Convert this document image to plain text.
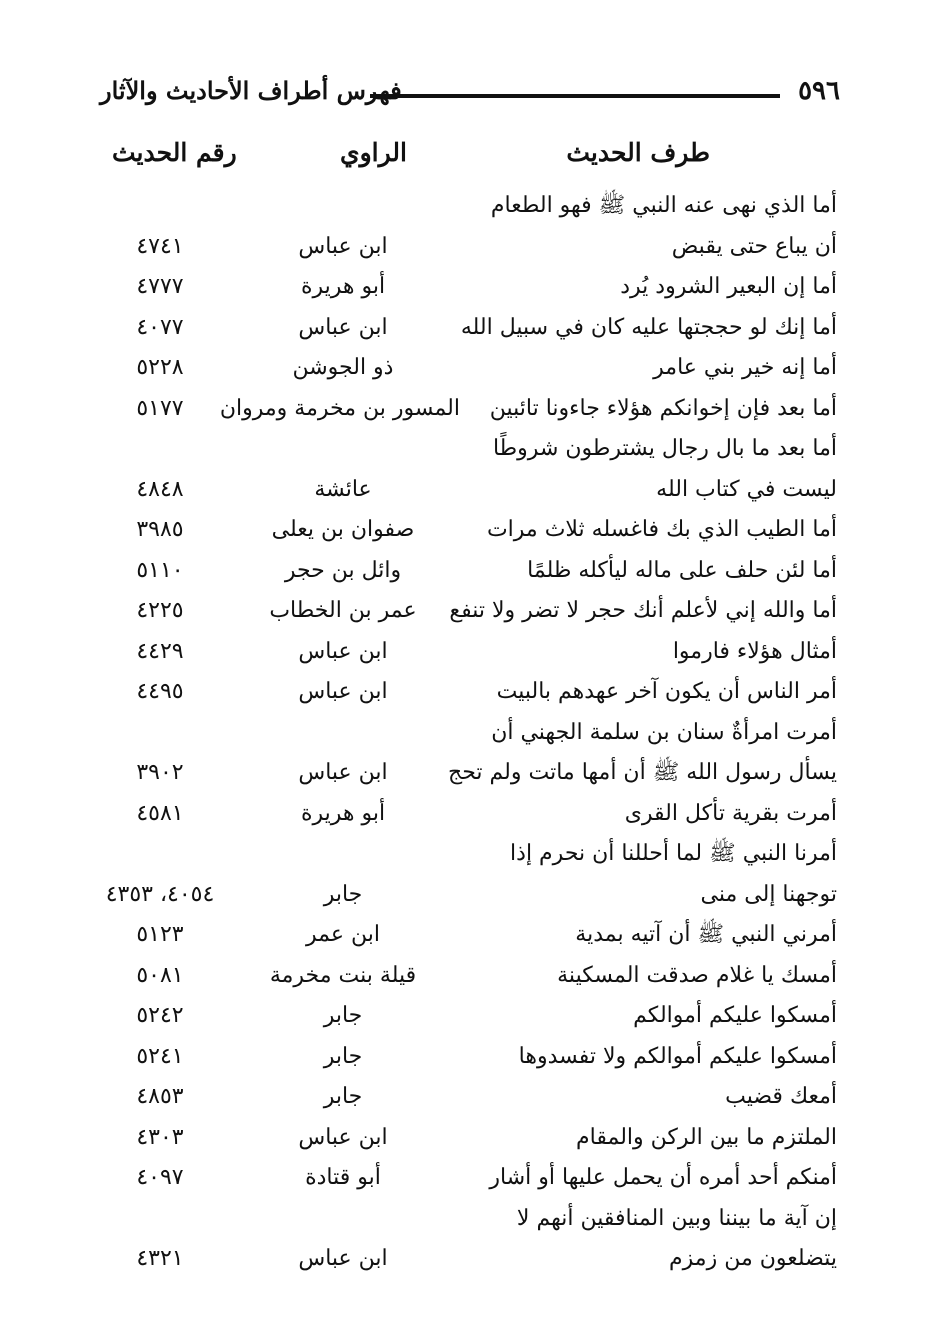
٥٩٦
فهرس أطراف الأحاديث والآثار
طرف الحديث
الراوي
رقم الحديث
أما الذي نهى عنه النبي ﷺ فهو الطعام
أن يباع حتى يقبض
ابن عباس
٤٧٤١
أما إن البعير الشرود يُرد
أبو هريرة
٤٧٧٧
أما إنك لو حججتها عليه كان في سبيل الله
ابن عباس
٤٠٧٧
أما إنه خير بني عامر
ذو الجوشن
٥٢٢٨
أما بعد فإن إخوانكم هؤلاء جاءونا تائبين
المسور بن مخرمة ومروان
٥١٧٧
أما بعد ما بال رجال يشترطون شروطًا
ليست في كتاب الله
عائشة
٤٨٤٨
أما الطيب الذي بك فاغسله ثلاث مرات
صفوان بن يعلى
٣٩٨٥
أما لئن حلف على ماله ليأكله ظلمًا
وائل بن حجر
٥١١٠
أما والله إني لأعلم أنك حجر لا تضر ولا تنفع
عمر بن الخطاب
٤٢٢٥
أمثال هؤلاء فارموا
ابن عباس
٤٤٢٩
أمر الناس أن يكون آخر عهدهم بالبيت
ابن عباس
٤٤٩٥
أمرت امرأةٌ سنان بن سلمة الجهني أن
يسأل رسول الله ﷺ أن أمها ماتت ولم تحج
ابن عباس
٣٩٠٢
أمرت بقرية تأكل القرى
أبو هريرة
٤٥٨١
أمرنا النبي ﷺ لما أحللنا أن نحرم إذا
توجهنا إلى منى
جابر
٤٠٥٤، ٤٣٥٣
أمرني النبي ﷺ أن آتيه بمدية
ابن عمر
٥١٢٣
أمسك يا غلام صدقت المسكينة
قيلة بنت مخرمة
٥٠٨١
أمسكوا عليكم أموالكم
جابر
٥٢٤٢
أمسكوا عليكم أموالكم ولا تفسدوها
جابر
٥٢٤١
أمعك قضيب
جابر
٤٨٥٣
الملتزم ما بين الركن والمقام
ابن عباس
٤٣٠٣
أمنكم أحد أمره أن يحمل عليها أو أشار
أبو قتادة
٤٠٩٧
إن آية ما بيننا وبين المنافقين أنهم لا
يتضلعون من زمزم
ابن عباس
٤٣٢١
